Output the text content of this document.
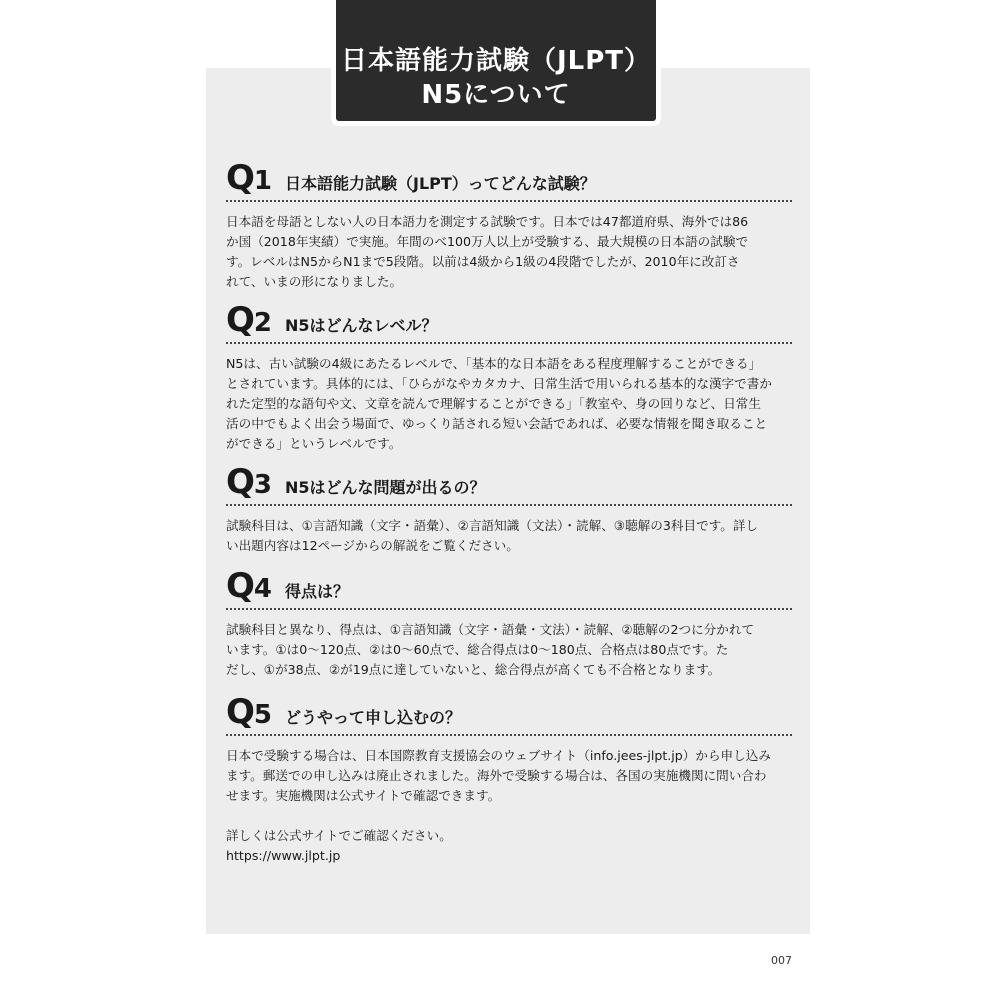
日本語能力試験（JLPT）
N5について
Q1 日本語能力試験（JLPT）ってどんな試験？
日本語を母語としない人の日本語力を測定する試験です。日本では47都道府県、海外では86
か国（2018年実績）で実施。年間のべ100万人以上が受験する、最大規模の日本語の試験で
す。レベルはN5からN1まで5段階。以前は4級から1級の4段階でしたが、2010年に改訂さ
れて、いまの形になりました。
Q2 N5はどんなレベル？
N5は、古い試験の4級にあたるレベルで、「基本的な日本語をある程度理解することができる」
とされています。具体的には、「ひらがなやカタカナ、日常生活で用いられる基本的な漢字で書か
れた定型的な語句や文、文章を読んで理解することができる」「教室や、身の回りなど、日常生
活の中でもよく出会う場面で、ゆっくり話される短い会話であれば、必要な情報を聞き取ること
ができる」というレベルです。
Q3 N5はどんな問題が出るの？
試験科目は、①言語知識（文字・語彙）、②言語知識（文法）・読解、③聴解の3科目です。詳し
い出題内容は12ページからの解説をご覧ください。
Q4 得点は？
試験科目と異なり、得点は、①言語知識（文字・語彙・文法）・読解、②聴解の2つに分かれて
います。①は0～120点、②は0～60点で、総合得点は0～180点、合格点は80点です。た
だし、①が38点、②が19点に達していないと、総合得点が高くても不合格となります。
Q5 どうやって申し込むの？
日本で受験する場合は、日本国際教育支援協会のウェブサイト（info.jees-jlpt.jp）から申し込み
ます。郵送での申し込みは廃止されました。海外で受験する場合は、各国の実施機関に問い合わ
せます。実施機関は公式サイトで確認できます。
詳しくは公式サイトでご確認ください。
https://www.jlpt.jp
007
